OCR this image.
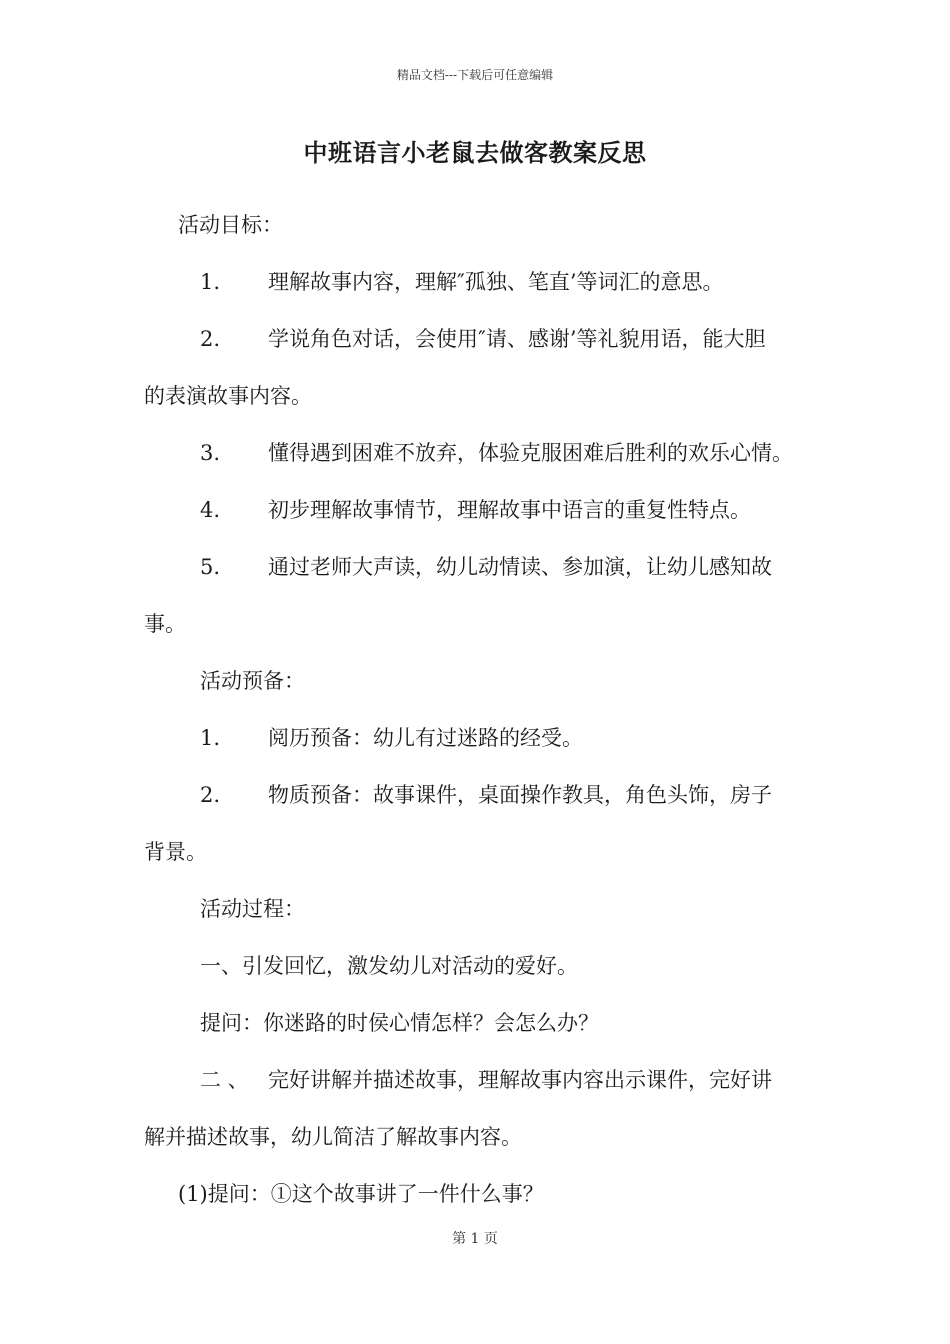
精品文档---下载后可任意编辑
中班语言小老鼠去做客教案反思
活动目标：
1. 理解故事内容，理解″孤独、笔直’等词汇的意思。
2. 学说角色对话，会使用″请、感谢’等礼貌用语，能大胆
的表演故事内容。
3. 懂得遇到困难不放弃，体验克服困难后胜利的欢乐心情。
4. 初步理解故事情节，理解故事中语言的重复性特点。
5. 通过老师大声读，幼儿动情读、参加演，让幼儿感知故
事。
活动预备：
1. 阅历预备：幼儿有过迷路的经受。
2. 物质预备：故事课件，桌面操作教具，角色头饰，房子
背景。
活动过程：
一、引发回忆，激发幼儿对活动的爱好。
提问：你迷路的时侯心情怎样？会怎么办？
二 、 完好讲解并描述故事，理解故事内容出示课件，完好讲
解并描述故事，幼儿简洁了解故事内容。
(1)提问：①这个故事讲了一件什么事？
第 1 页
